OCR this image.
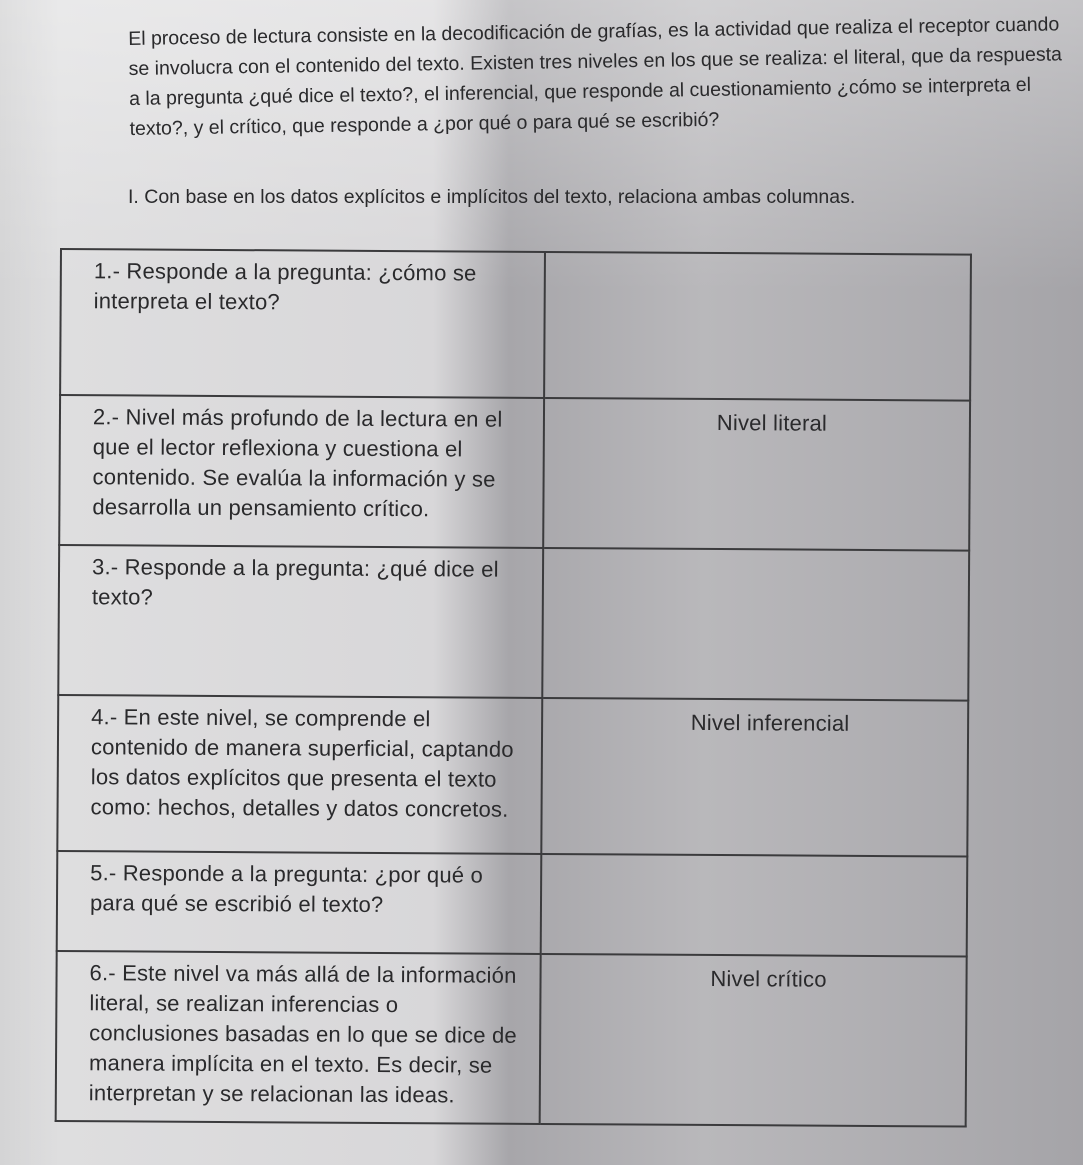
El proceso de lectura consiste en la decodificación de grafías, es la actividad que realiza el receptor cuando se involucra con el contenido del texto. Existen tres niveles en los que se realiza: el literal, que da respuesta a la pregunta ¿qué dice el texto?, el inferencial, que responde al cuestionamiento ¿cómo se interpreta el texto?, y el crítico, que responde a ¿por qué o para qué se escribió?

I. Con base en los datos explícitos e implícitos del texto, relaciona ambas columnas.

1.- Responde a la pregunta: ¿cómo se interpreta el texto?	

2.- Nivel más profundo de la lectura en el que el lector reflexiona y cuestiona el contenido. Se evalúa la información y se desarrolla un pensamiento crítico.	Nivel literal

3.- Responde a la pregunta: ¿qué dice el texto?	

4.- En este nivel, se comprende el contenido de manera superficial, captando los datos explícitos que presenta el texto como: hechos, detalles y datos concretos.	Nivel inferencial

5.- Responde a la pregunta: ¿por qué o para qué se escribió el texto?	

6.- Este nivel va más allá de la información literal, se realizan inferencias o conclusiones basadas en lo que se dice de manera implícita en el texto. Es decir, se interpretan y se relacionan las ideas.	Nivel crítico
